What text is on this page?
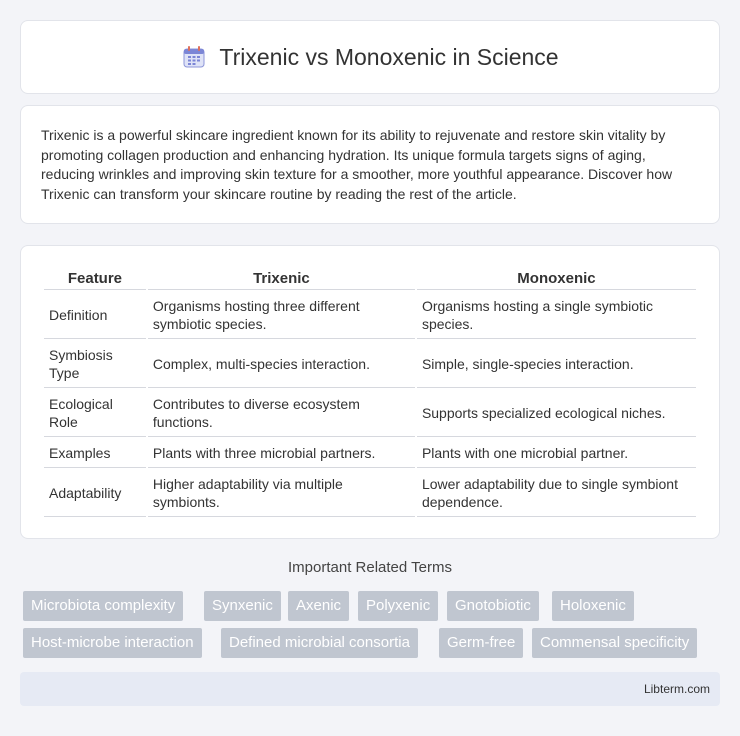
Trixenic vs Monoxenic in Science

Trixenic is a powerful skincare ingredient known for its ability to rejuvenate and restore skin vitality by promoting collagen production and enhancing hydration. Its unique formula targets signs of aging, reducing wrinkles and improving skin texture for a smoother, more youthful appearance. Discover how Trixenic can transform your skincare routine by reading the rest of the article.

Feature	Trixenic	Monoxenic
Definition	Organisms hosting three different symbiotic species.	Organisms hosting a single symbiotic species.
Symbiosis Type	Complex, multi-species interaction.	Simple, single-species interaction.
Ecological Role	Contributes to diverse ecosystem functions.	Supports specialized ecological niches.
Examples	Plants with three microbial partners.	Plants with one microbial partner.
Adaptability	Higher adaptability via multiple symbionts.	Lower adaptability due to single symbiont dependence.
Important Related Terms
Microbiota complexity	Synxenic	Axenic	Polyxenic	Gnotobiotic	Holoxenic
Host-microbe interaction	Defined microbial consortia	Germ-free	Commensal specificity
Libterm.com
